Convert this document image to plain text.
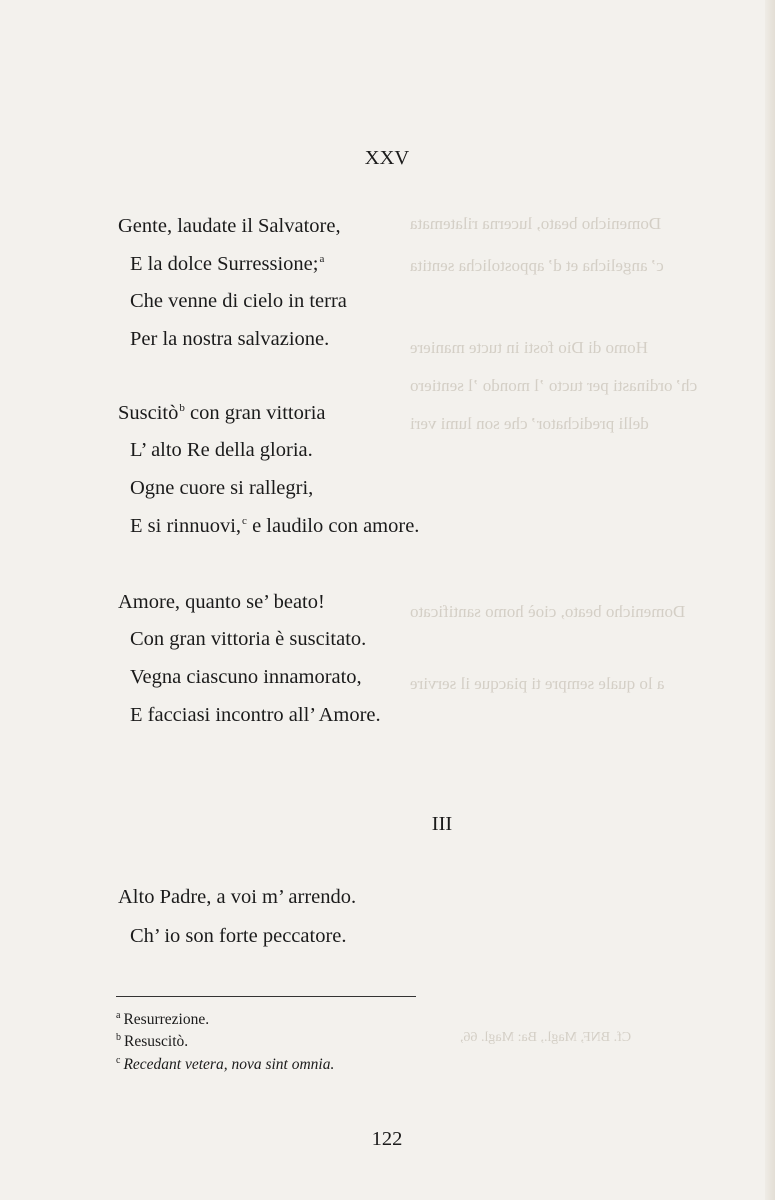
Domenicho beato, lucerna rilatemata
c’ angelicha et d’ appostolicha sentita
Homo di Dio fosti in tucte maniere
ch’ ordinasti per tucto ’l mondo ’l sentiero
delli predichator’ che son lumi veri
Domenicho beato, cioè homo santificato
a lo quale sempre ti piacque il servire
Cf. BNF, Magl., Ba: Magl. 66,
XXV
Gente, laudate il Salvatore,
E la dolce Surressione;$^a$
Che venne di cielo in terra
Per la nostra salvazione.
Suscitò$^b$ con gran vittoria
L’ alto Re della gloria.
Ogne cuore si rallegri,
E si rinnuovi,$^c$ e laudilo con amore.
Amore, quanto se’ beato!
Con gran vittoria è suscitato.
Vegna ciascuno innamorato,
E facciasi incontro all’ Amore.
III
Alto Padre, a voi m’ arrendo.
Ch’ io son forte peccatore.
$^a$ Resurrezione.
$^b$ Resuscitò.
$^c$ Recedant vetera, nova sint omnia.
122
